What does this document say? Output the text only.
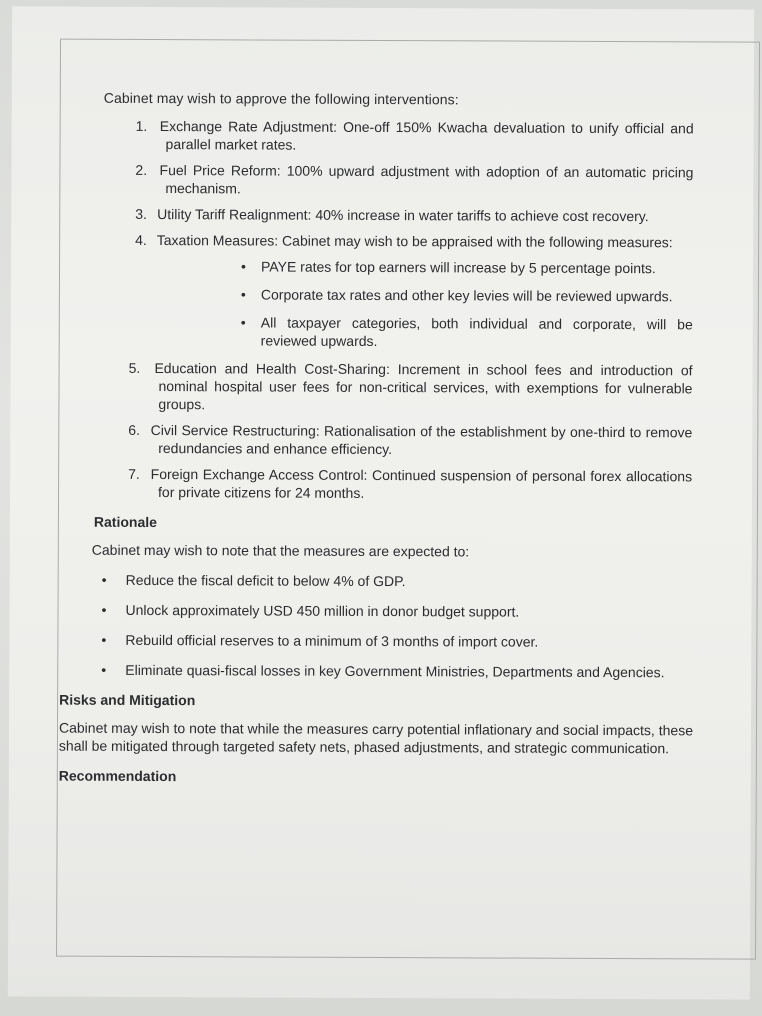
Cabinet may wish to approve the following interventions:

1. Exchange Rate Adjustment: One-off 150% Kwacha devaluation to unify official and parallel market rates.
2. Fuel Price Reform: 100% upward adjustment with adoption of an automatic pricing mechanism.
3. Utility Tariff Realignment: 40% increase in water tariffs to achieve cost recovery.
4. Taxation Measures: Cabinet may wish to be appraised with the following measures:
• PAYE rates for top earners will increase by 5 percentage points.
• Corporate tax rates and other key levies will be reviewed upwards.
• All taxpayer categories, both individual and corporate, will be reviewed upwards.
5. Education and Health Cost-Sharing: Increment in school fees and introduction of nominal hospital user fees for non-critical services, with exemptions for vulnerable groups.
6. Civil Service Restructuring: Rationalisation of the establishment by one-third to remove redundancies and enhance efficiency.
7. Foreign Exchange Access Control: Continued suspension of personal forex allocations for private citizens for 24 months.
Rationale

Cabinet may wish to note that the measures are expected to:

• Reduce the fiscal deficit to below 4% of GDP.
• Unlock approximately USD 450 million in donor budget support.
• Rebuild official reserves to a minimum of 3 months of import cover.
• Eliminate quasi-fiscal losses in key Government Ministries, Departments and Agencies.
Risks and Mitigation

Cabinet may wish to note that while the measures carry potential inflationary and social impacts, these shall be mitigated through targeted safety nets, phased adjustments, and strategic communication.

Recommendation
